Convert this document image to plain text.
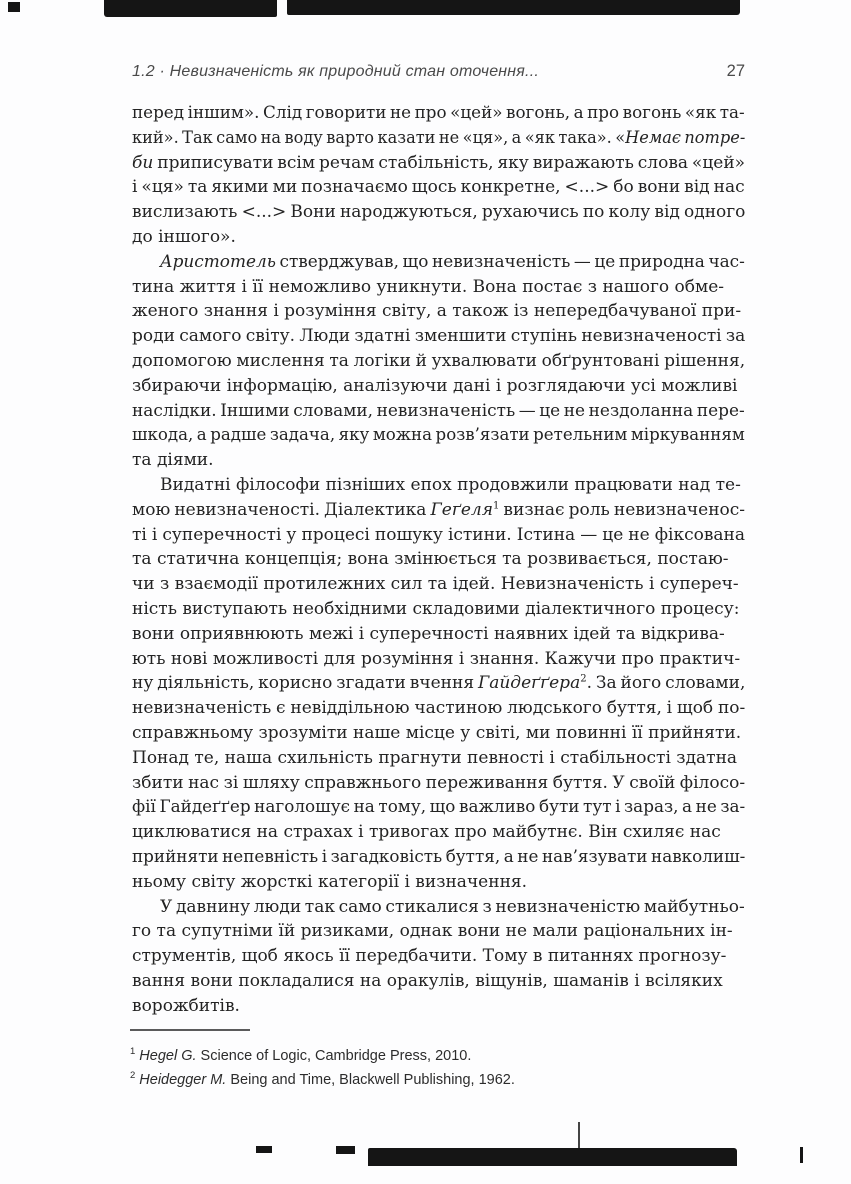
1.2 · Невизначеність як природний стан оточення...	27
перед іншим». Слід говорити не про «цей» вогонь, а про вогонь «як та-
кий». Так само на воду варто казати не «ця», а «як така». «Немає потре-
би приписувати всім речам стабільність, яку виражають слова «цей»
і «ця» та якими ми позначаємо щось конкретне, <...> бо вони від нас
вислизають <...> Вони народжуються, рухаючись по колу від одного
до іншого».
Аристотель стверджував, що невизначеність — це природна час-
тина життя і її неможливо уникнути. Вона постає з нашого обме-
женого знання і розуміння світу, а також із непередбачуваної при-
роди самого світу. Люди здатні зменшити ступінь невизначеності за
допомогою мислення та логіки й ухвалювати обґрунтовані рішення,
збираючи інформацію, аналізуючи дані і розглядаючи усі можливі
наслідки. Іншими словами, невизначеність — це не нездоланна пере-
шкода, а радше задача, яку можна розв’язати ретельним міркуванням
та діями.
Видатні філософи пізніших епох продовжили працювати над те-
мою невизначеності. Діалектика Геґеля$^1$ визнає роль невизначенос-
ті і суперечності у процесі пошуку істини. Істина — це не фіксована
та статична концепція; вона змінюється та розвивається, постаю-
чи з взаємодії протилежних сил та ідей. Невизначеність і супереч-
ність виступають необхідними складовими діалектичного процесу:
вони оприявнюють межі і суперечності наявних ідей та відкрива-
ють нові можливості для розуміння і знання. Кажучи про практич-
ну діяльність, корисно згадати вчення Гайдеґґера$^2$. За його словами,
невизначеність є невіддільною частиною людського буття, і щоб по-
справжньому зрозуміти наше місце у світі, ми повинні її прийняти.
Понад те, наша схильність прагнути певності і стабільності здатна
збити нас зі шляху справжнього переживання буття. У своїй філосо-
фії Гайдеґґер наголошує на тому, що важливо бути тут і зараз, а не за-
циклюватися на страхах і тривогах про майбутнє. Він схиляє нас
прийняти непевність і загадковість буття, а не нав’язувати навколиш-
ньому світу жорсткі категорії і визначення.
У давнину люди так само стикалися з невизначеністю майбутньо-
го та супутніми їй ризиками, однак вони не мали раціональних ін-
струментів, щоб якось її передбачити. Тому в питаннях прогнозу-
вання вони покладалися на оракулів, віщунів, шаманів і всіляких
ворожбитів.
$^1$ Hegel G. Science of Logic, Cambridge Press, 2010.
$^2$ Heidegger M. Being and Time, Blackwell Publishing, 1962.
